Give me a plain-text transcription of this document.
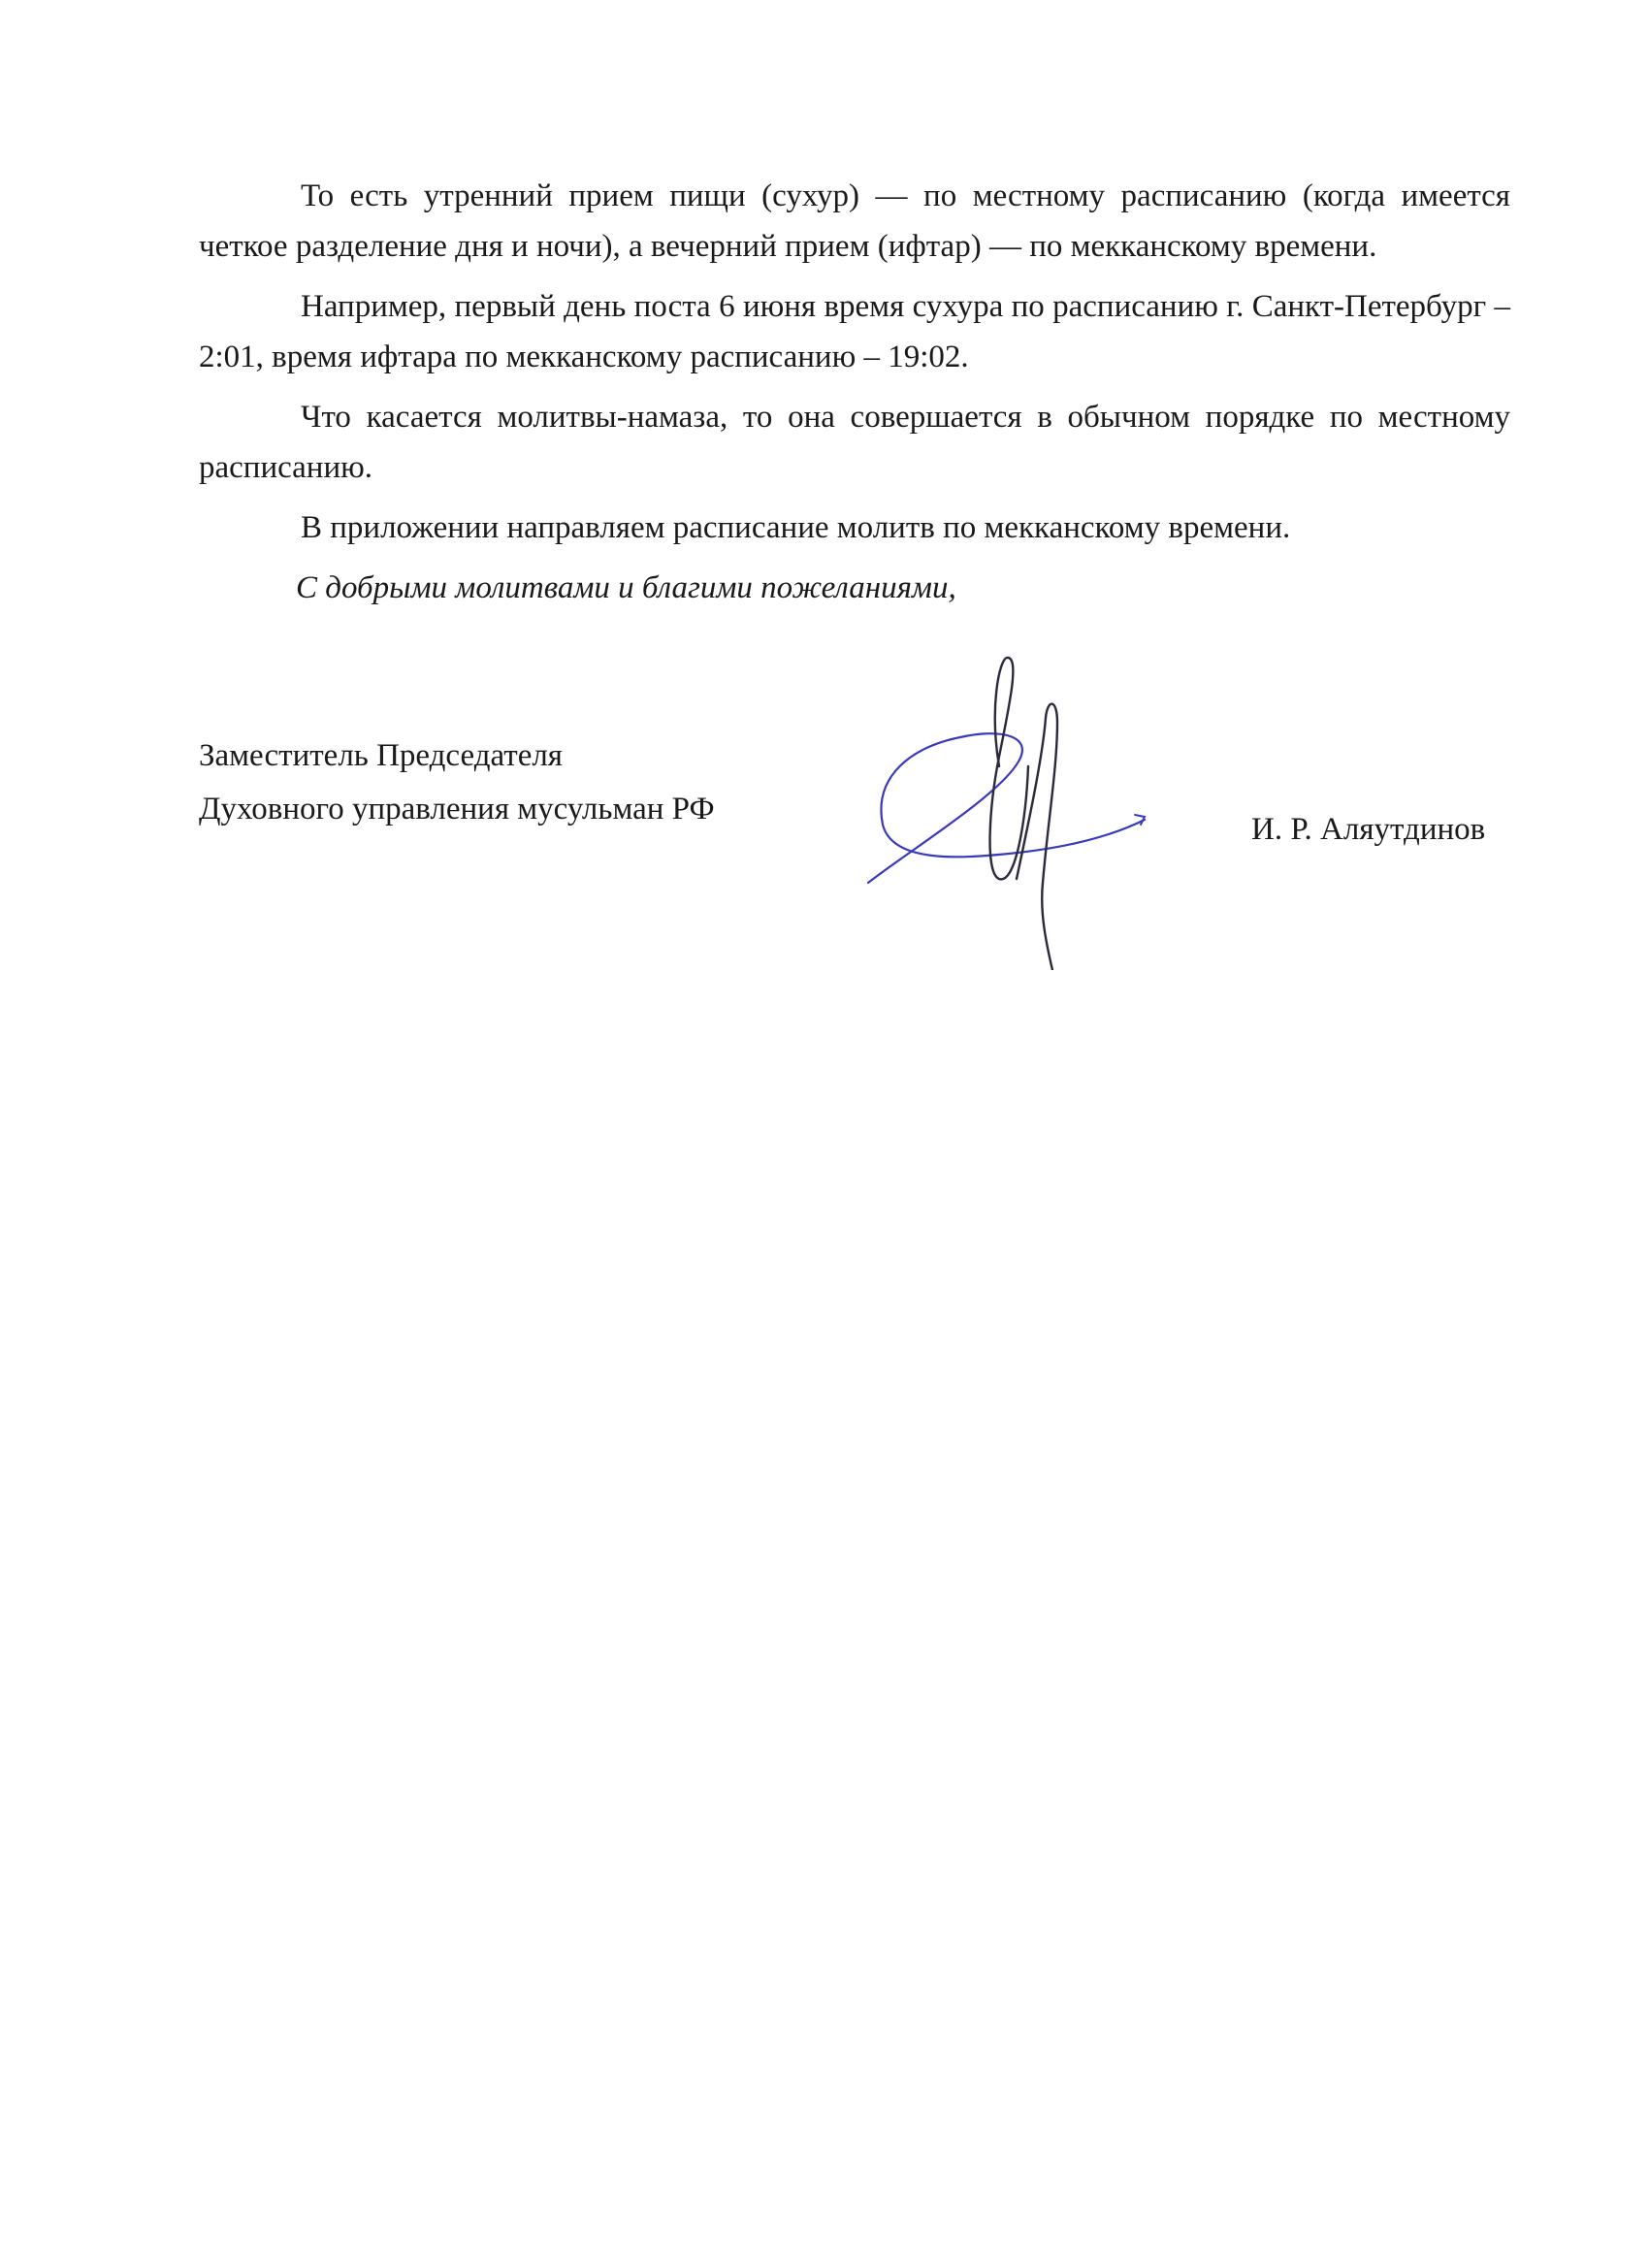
То есть утренний прием пищи (сухур) — по местному расписанию (когда имеется четкое разделение дня и ночи), а вечерний прием (ифтар) — по мекканскому времени.

Например, первый день поста 6 июня время сухура по расписанию г. Санкт-Петербург – 2:01, время ифтара по мекканскому расписанию – 19:02.

Что касается молитвы-намаза, то она совершается в обычном порядке по местному расписанию.

В приложении направляем расписание молитв по мекканскому времени.

С добрыми молитвами и благими пожеланиями,

Заместитель Председателя
Духовного управления мусульман РФ
И. Р. Аляутдинов
